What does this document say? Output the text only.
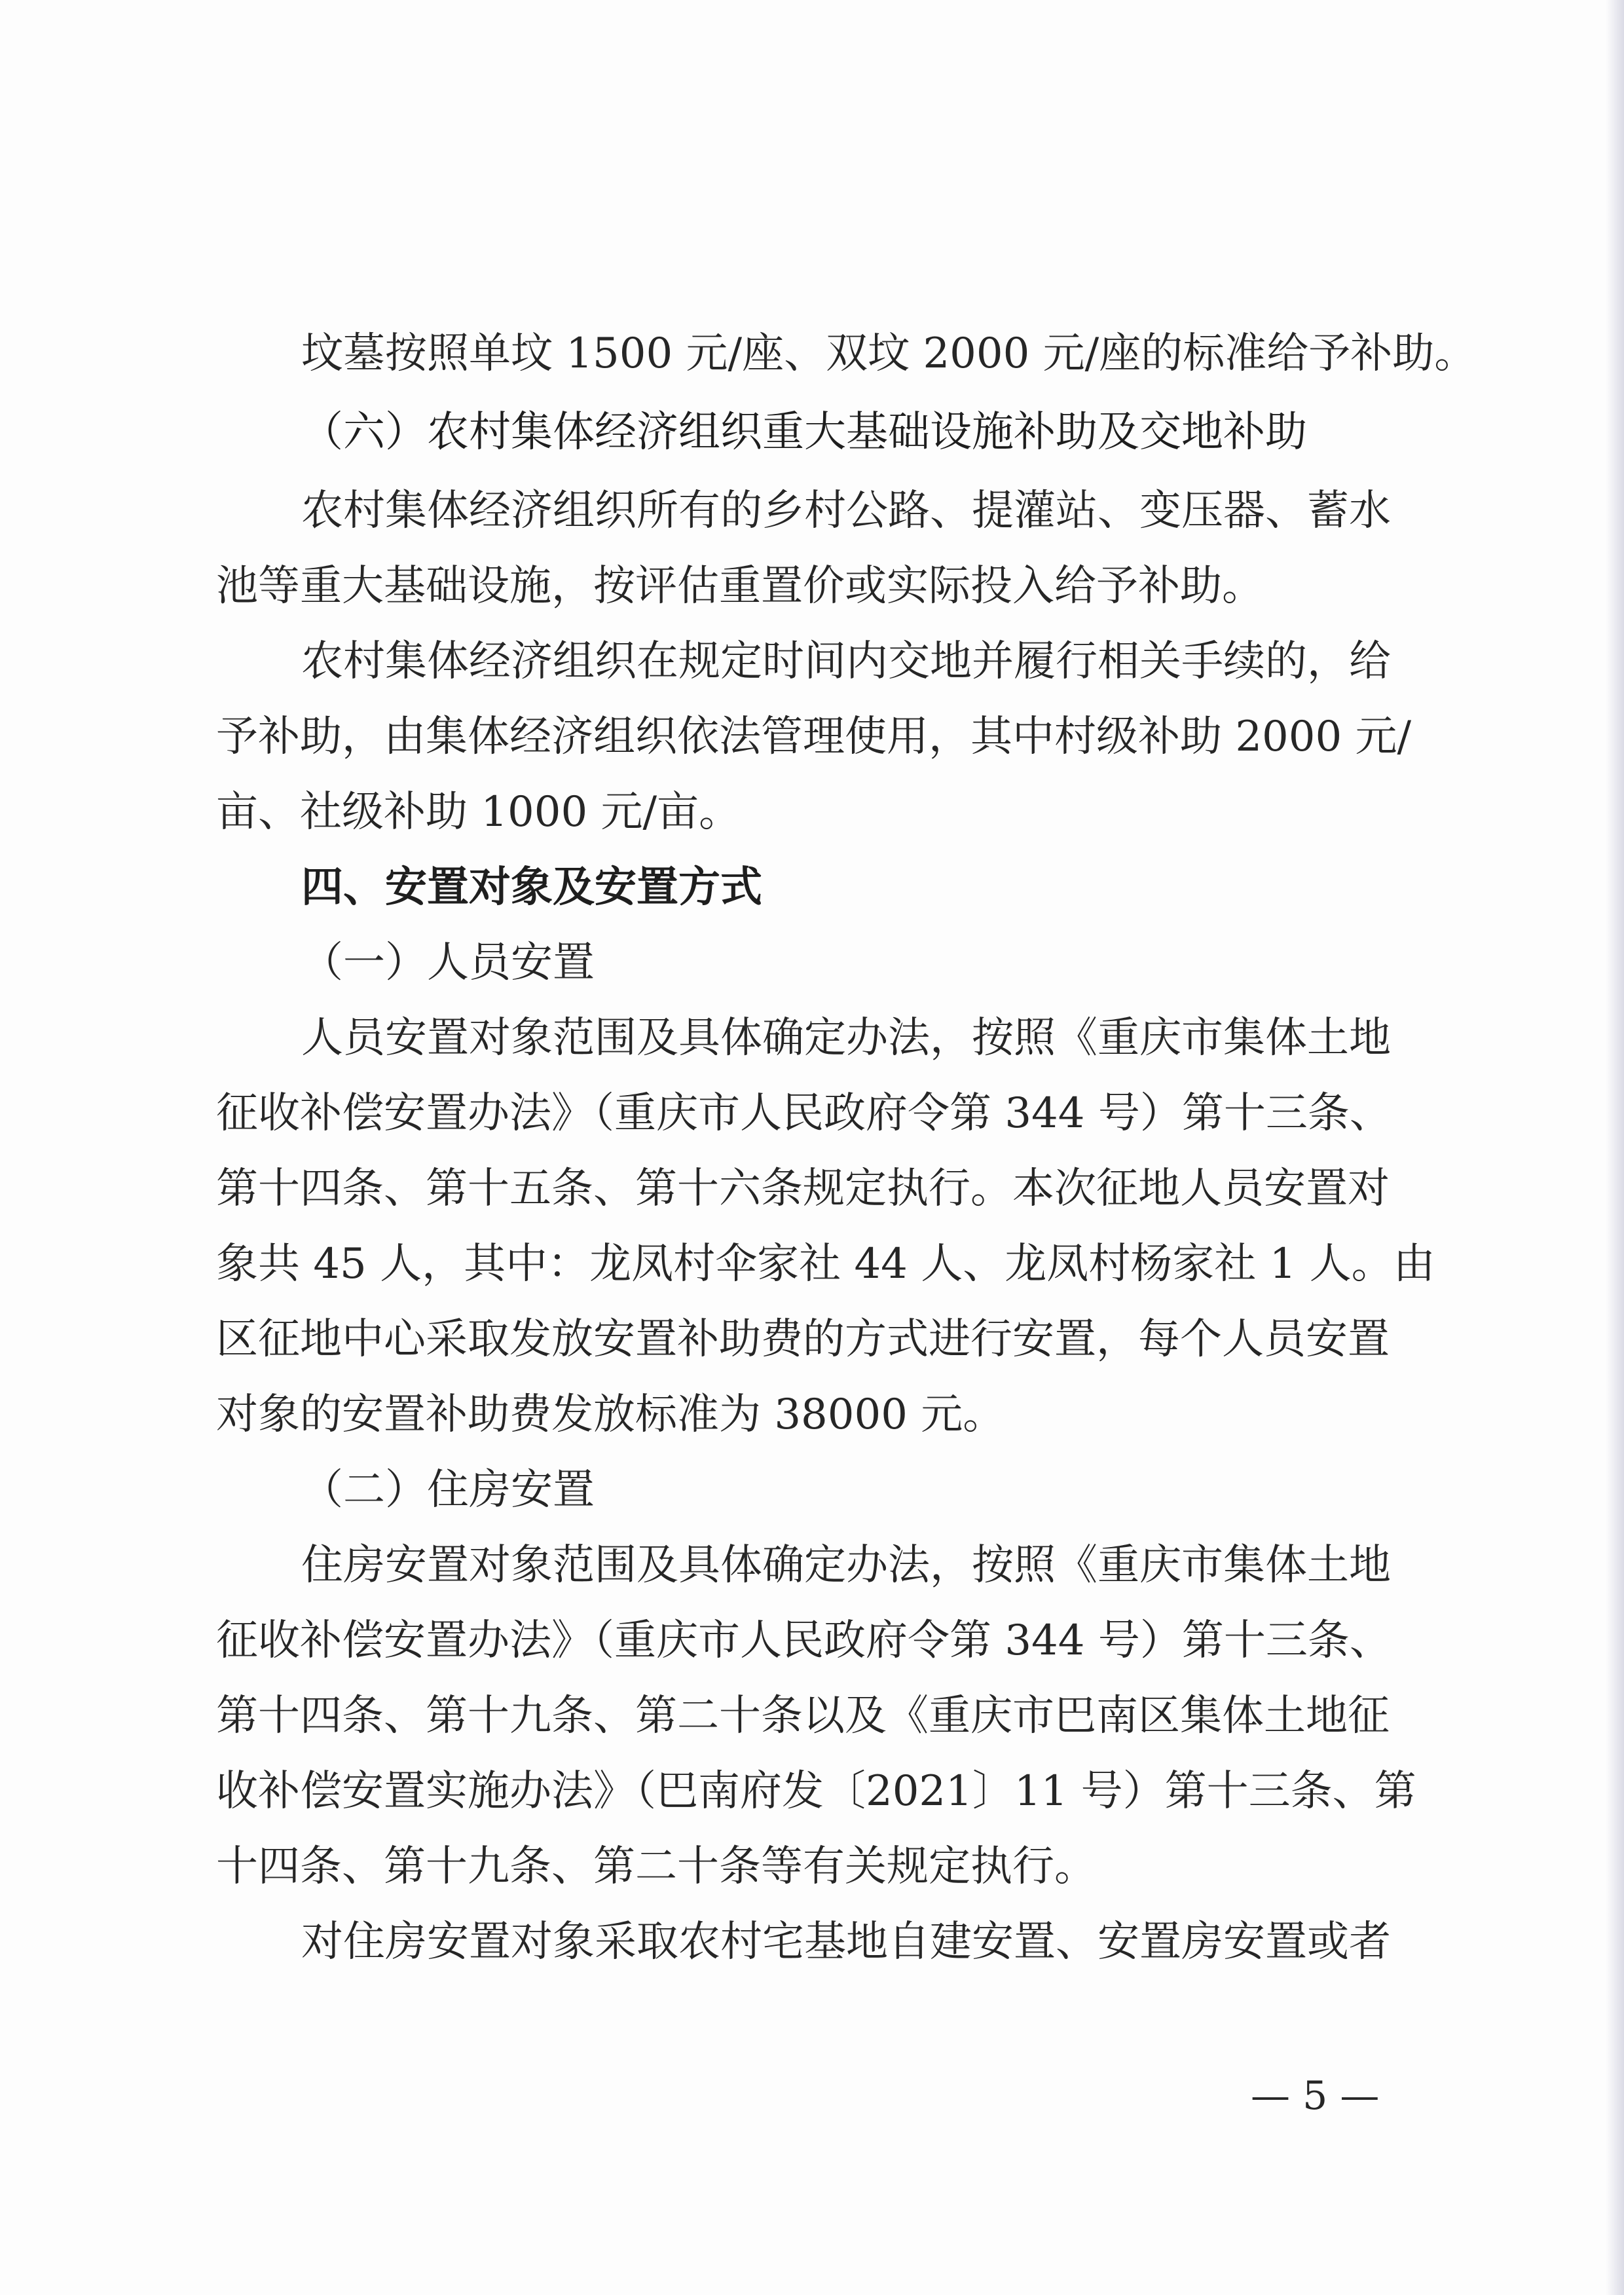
坟墓按照单坟 1500 元/座、双坟 2000 元/座的标准给予补助。

（六）农村集体经济组织重大基础设施补助及交地补助

农村集体经济组织所有的乡村公路、提灌站、变压器、蓄水

池等重大基础设施，按评估重置价或实际投入给予补助。

农村集体经济组织在规定时间内交地并履行相关手续的，给

予补助，由集体经济组织依法管理使用，其中村级补助 2000 元/

亩、社级补助 1000 元/亩。

四、安置对象及安置方式

（一）人员安置

人员安置对象范围及具体确定办法，按照《重庆市集体土地

征收补偿安置办法》（重庆市人民政府令第 344 号）第十三条、

第十四条、第十五条、第十六条规定执行。本次征地人员安置对

象共 45 人，其中：龙凤村伞家社 44 人、龙凤村杨家社 1 人。由

区征地中心采取发放安置补助费的方式进行安置，每个人员安置

对象的安置补助费发放标准为 38000 元。

（二）住房安置

住房安置对象范围及具体确定办法，按照《重庆市集体土地

征收补偿安置办法》（重庆市人民政府令第 344 号）第十三条、

第十四条、第十九条、第二十条以及《重庆市巴南区集体土地征

收补偿安置实施办法》（巴南府发〔2021〕11 号）第十三条、第

十四条、第十九条、第二十条等有关规定执行。

对住房安置对象采取农村宅基地自建安置、安置房安置或者

— 5 —
